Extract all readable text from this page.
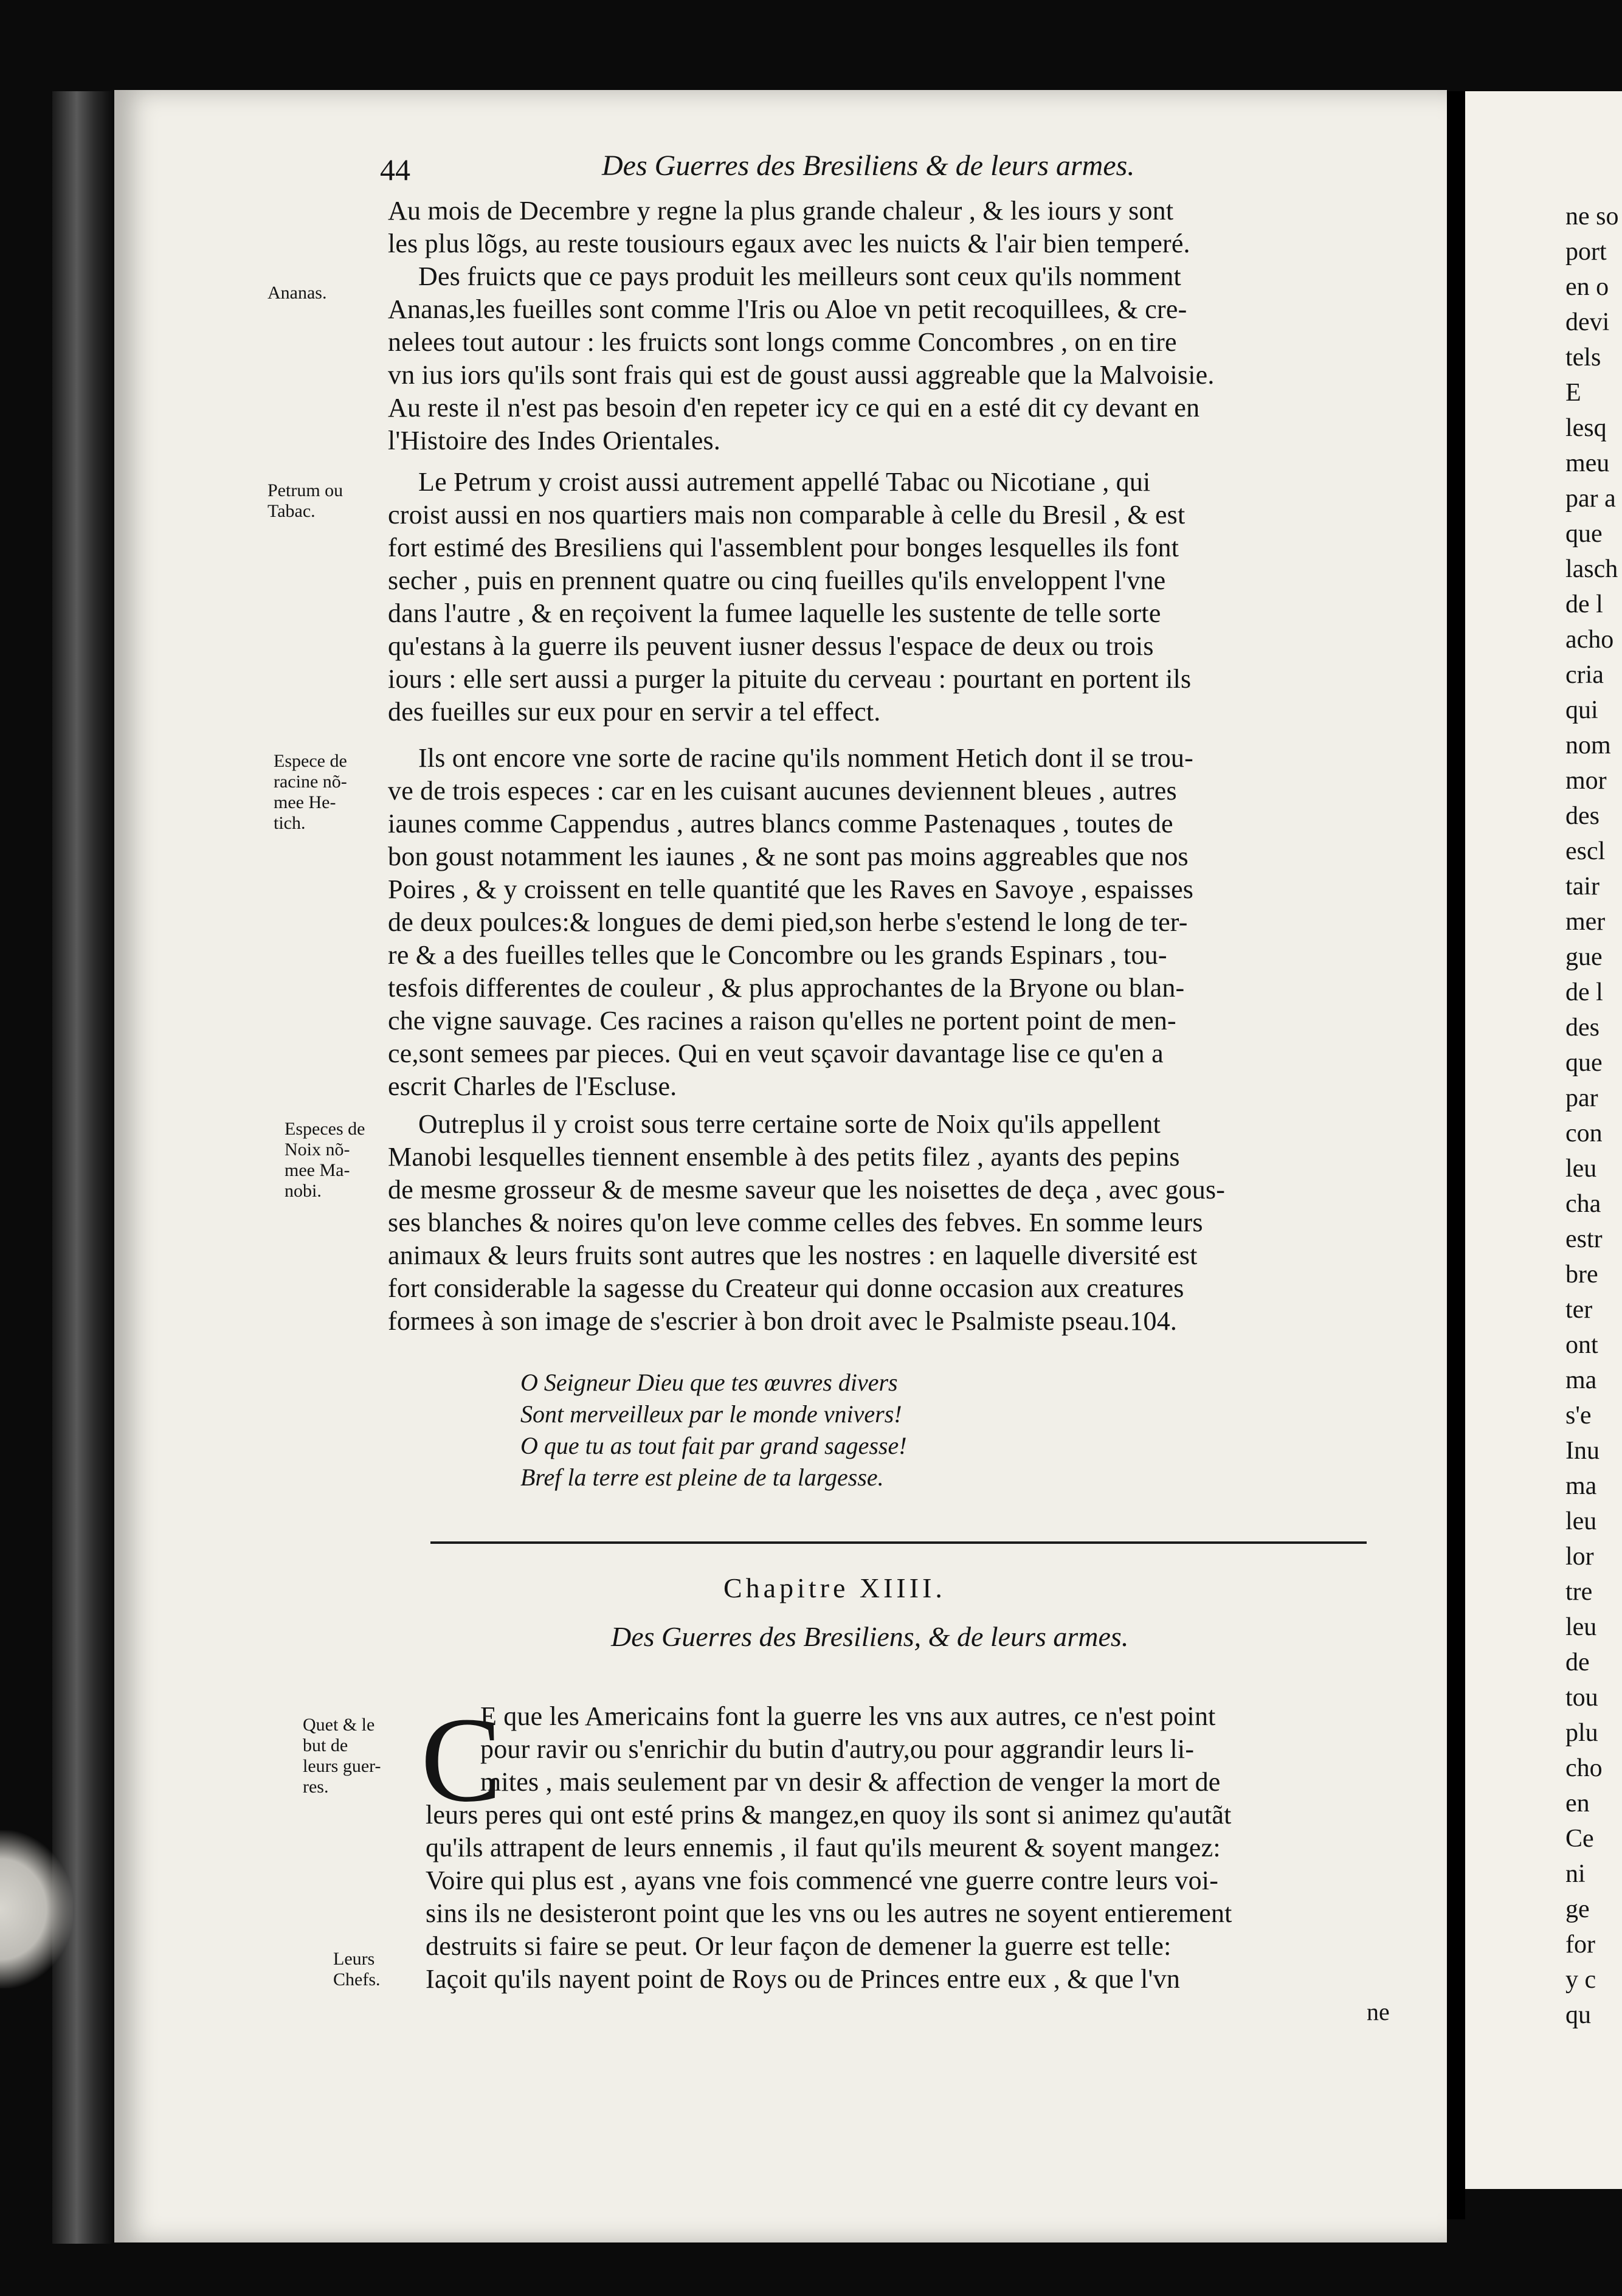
44	Des Guerres des Bresiliens & de leurs armes.

Ananas.

Petrum ou
Tabac.

Espece de
racine nõ-
mee He-
tich.

Especes de
Noix nõ-
mee Ma-
nobi.

Quet & le
but de
leurs guer-
res.

Leurs
Chefs.

Au mois de Decembre y regne la plus grande chaleur , & les iours y sont

les plus lõgs, au reste tousiours egaux avec les nuicts & l'air bien temperé.

Des fruicts que ce pays produit les meilleurs sont ceux qu'ils nomment

Ananas,les fueilles sont comme l'Iris ou Aloe vn petit recoquillees, & cre-

nelees tout autour : les fruicts sont longs comme Concombres , on en tire

vn ius iors qu'ils sont frais qui est de goust aussi aggreable que la Malvoisie.

Au reste il n'est pas besoin d'en repeter icy ce qui en a esté dit cy devant en

l'Histoire des Indes Orientales.

Le Petrum y croist aussi autrement appellé Tabac ou Nicotiane , qui

croist aussi en nos quartiers mais non comparable à celle du Bresil , & est

fort estimé des Bresiliens qui l'assemblent pour bonges lesquelles ils font

secher , puis en prennent quatre ou cinq fueilles qu'ils enveloppent l'vne

dans l'autre , & en reçoivent la fumee laquelle les sustente de telle sorte

qu'estans à la guerre ils peuvent iusner dessus l'espace de deux ou trois

iours : elle sert aussi a purger la pituite du cerveau : pourtant en portent ils

des fueilles sur eux pour en servir a tel effect.

Ils ont encore vne sorte de racine qu'ils nomment Hetich dont il se trou-

ve de trois especes : car en les cuisant aucunes deviennent bleues , autres

iaunes comme Cappendus , autres blancs comme Pastenaques , toutes de

bon goust notamment les iaunes , & ne sont pas moins aggreables que nos

Poires , & y croissent en telle quantité que les Raves en Savoye , espaisses

de deux poulces:& longues de demi pied,son herbe s'estend le long de ter-

re & a des fueilles telles que le Concombre ou les grands Espinars , tou-

tesfois differentes de couleur , & plus approchantes de la Bryone ou blan-

che vigne sauvage. Ces racines a raison qu'elles ne portent point de men-

ce,sont semees par pieces. Qui en veut sçavoir davantage lise ce qu'en a

escrit Charles de l'Escluse.

Outreplus il y croist sous terre certaine sorte de Noix qu'ils appellent

Manobi lesquelles tiennent ensemble à des petits filez , ayants des pepins

de mesme grosseur & de mesme saveur que les noisettes de deça , avec gous-

ses blanches & noires qu'on leve comme celles des febves. En somme leurs

animaux & leurs fruits sont autres que les nostres : en laquelle diversité est

fort considerable la sagesse du Createur qui donne occasion aux creatures

formees à son image de s'escrier à bon droit avec le Psalmiste pseau.104.

O Seigneur Dieu que tes œuvres divers

Sont merveilleux par le monde vnivers!

O que tu as tout fait par grand sagesse!

Bref la terre est pleine de ta largesse.

Chapitre XIIII.

Des Guerres des Bresiliens, & de leurs armes.

C

E que les Americains font la guerre les vns aux autres, ce n'est point

pour ravir ou s'enrichir du butin d'autry,ou pour aggrandir leurs li-

mites , mais seulement par vn desir & affection de venger la mort de

leurs peres qui ont esté prins & mangez,en quoy ils sont si animez qu'autãt

qu'ils attrapent de leurs ennemis , il faut qu'ils meurent & soyent mangez:

Voire qui plus est , ayans vne fois commencé vne guerre contre leurs voi-

sins ils ne desisteront point que les vns ou les autres ne soyent entierement

destruits si faire se peut. Or leur façon de demener la guerre est telle:

Iaçoit qu'ils nayent point de Roys ou de Princes entre eux , & que l'vn

ne

ne so

port

en o

devi

tels

E

lesq

meu

par a

que

lasch

de l

acho

cria

qui

nom

mor

des

escl

tair

mer

gue

de l

des

que

par

con

leu

cha

estr

bre

ter

ont

ma

s'e

Inu

ma

leu

lor

tre

leu

de

tou

plu

cho

en

Ce

ni

ge

for

y c

qu
